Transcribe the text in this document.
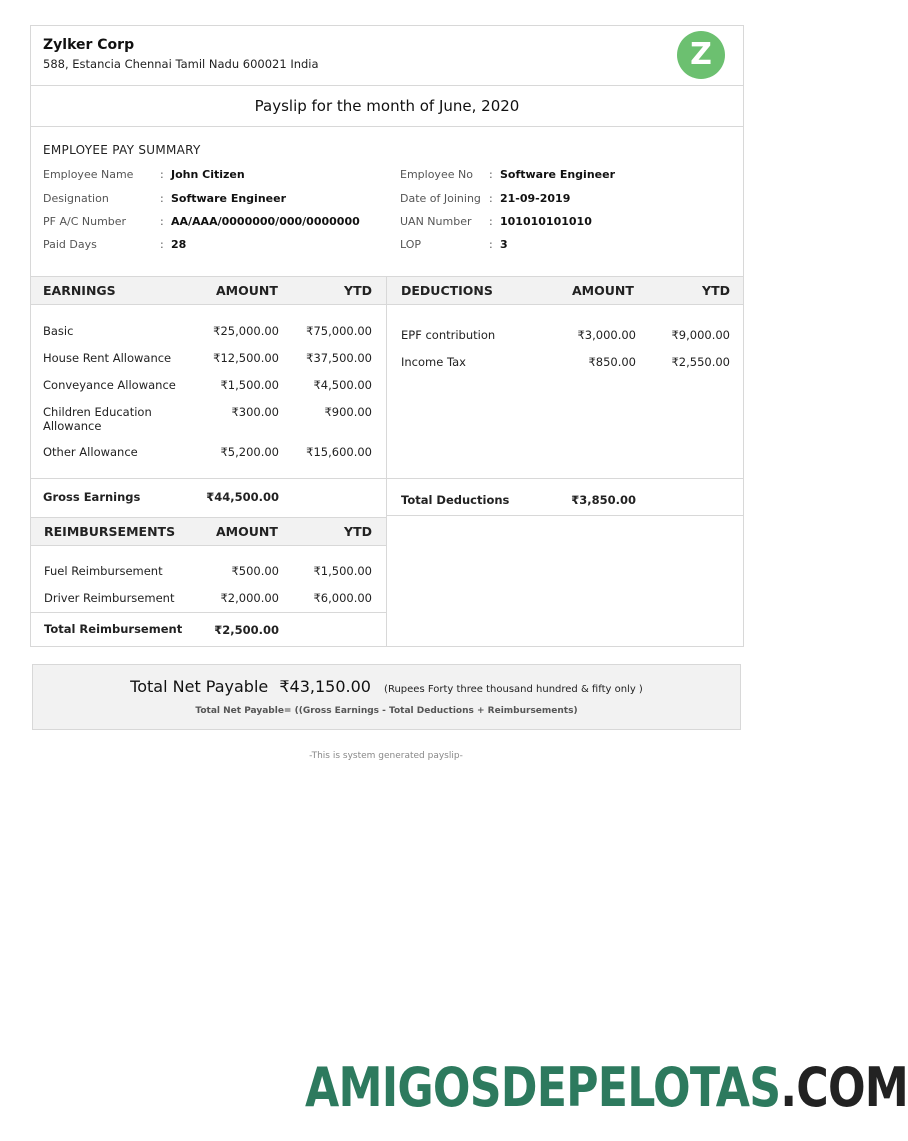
Zylker Corp
588, Estancia Chennai Tamil Nadu 600021 India	Z
Payslip for the month of June, 2020
EMPLOYEE PAY SUMMARY
Employee Name : John Citizen
Designation	: Software Engineer
PF A/C Number	: AA/AAA/0000000/000/0000000
Paid Days	: 28
Employee No : Software Engineer
Date of Joining : 21-09-2019
UAN Number : 101010101010
LOP	: 3
EARNINGS	AMOUNT	YTD
Basic	₹25,000.00	₹75,000.00
House Rent Allowance	₹12,500.00	₹37,500.00
Conveyance Allowance	₹1,500.00	₹4,500.00
Children Education Allowance
₹300.00	₹900.00
Other Allowance	₹5,200.00	₹15,600.00
Gross Earnings	₹44,500.00
DEDUCTIONS	AMOUNT	YTD
EPF contribution	₹3,000.00	₹9,000.00
Income Tax	₹850.00	₹2,550.00
Total Deductions	₹3,850.00
REIMBURSEMENTS	AMOUNT	YTD
Fuel Reimbursement	₹500.00	₹1,500.00
Driver Reimbursement	₹2,000.00	₹6,000.00
Total Reimbursement	₹2,500.00
Total Net Payable ₹43,150.00 (Rupees Forty three thousand hundred & fifty only )
Total Net Payable= ((Gross Earnings - Total Deductions + Reimbursements)
-This is system generated payslip-
AMIGOSDEPELOTAS.COM
